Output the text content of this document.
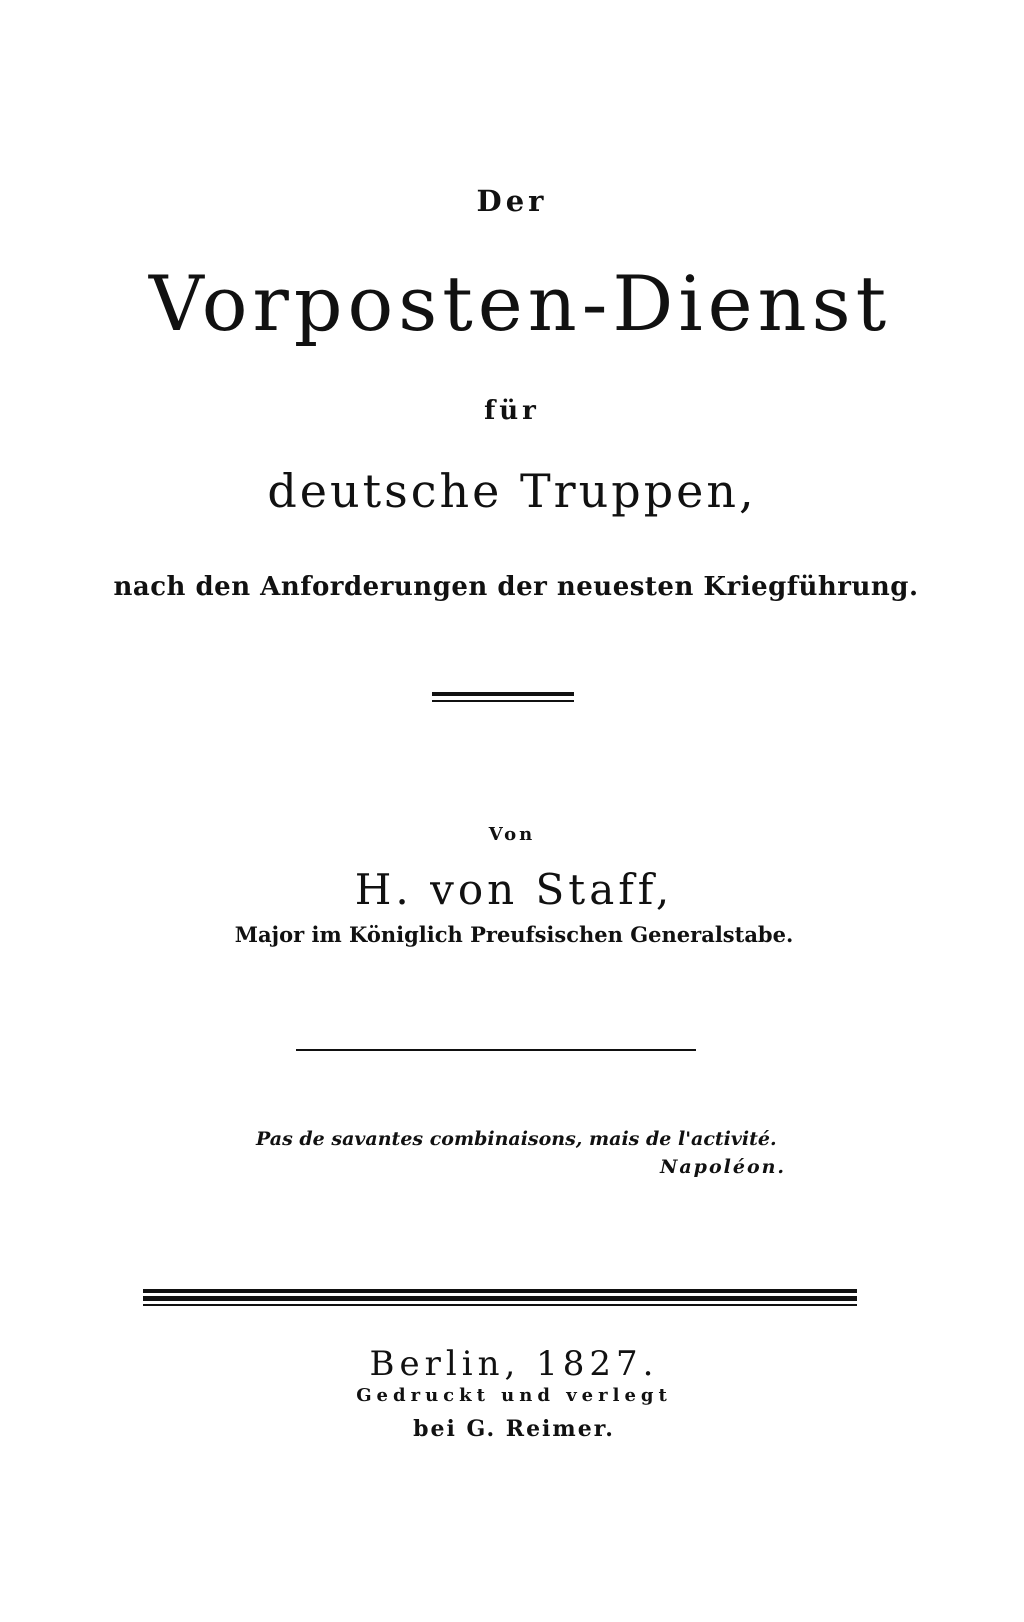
Der
Vorposten-Dienst
für
deutsche Truppen,
nach den Anforderungen der neuesten Kriegführung.
Von
H. von Staff,
Major im Königlich Preufsischen Generalstabe.
Pas de savantes combinaisons, mais de l'activité.
Napoléon.
Berlin, 1827.
Gedruckt und verlegt
bei G. Reimer.
